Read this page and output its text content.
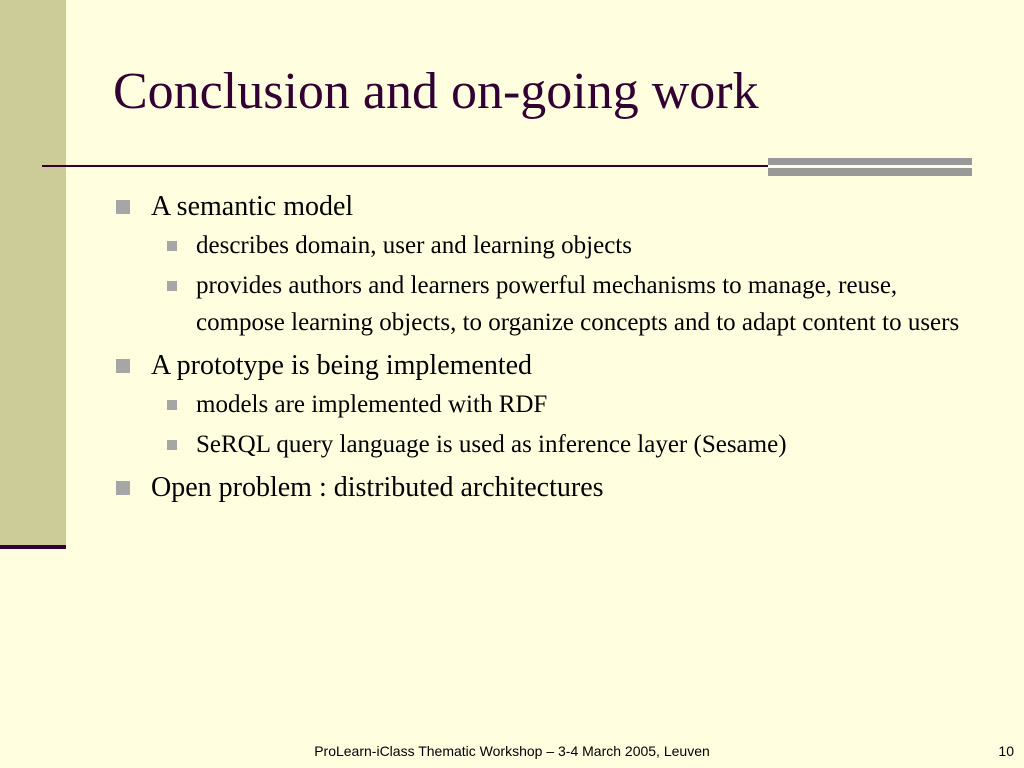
Conclusion and on-going work
A semantic model
describes domain, user and learning objects
provides authors and learners powerful mechanisms to manage, reuse, compose learning objects, to organize concepts and to adapt content to users
A prototype is being implemented
models are implemented with RDF
SeRQL query language is used as inference layer (Sesame)
Open problem : distributed architectures
ProLearn-iClass Thematic Workshop – 3-4 March 2005, Leuven	10
